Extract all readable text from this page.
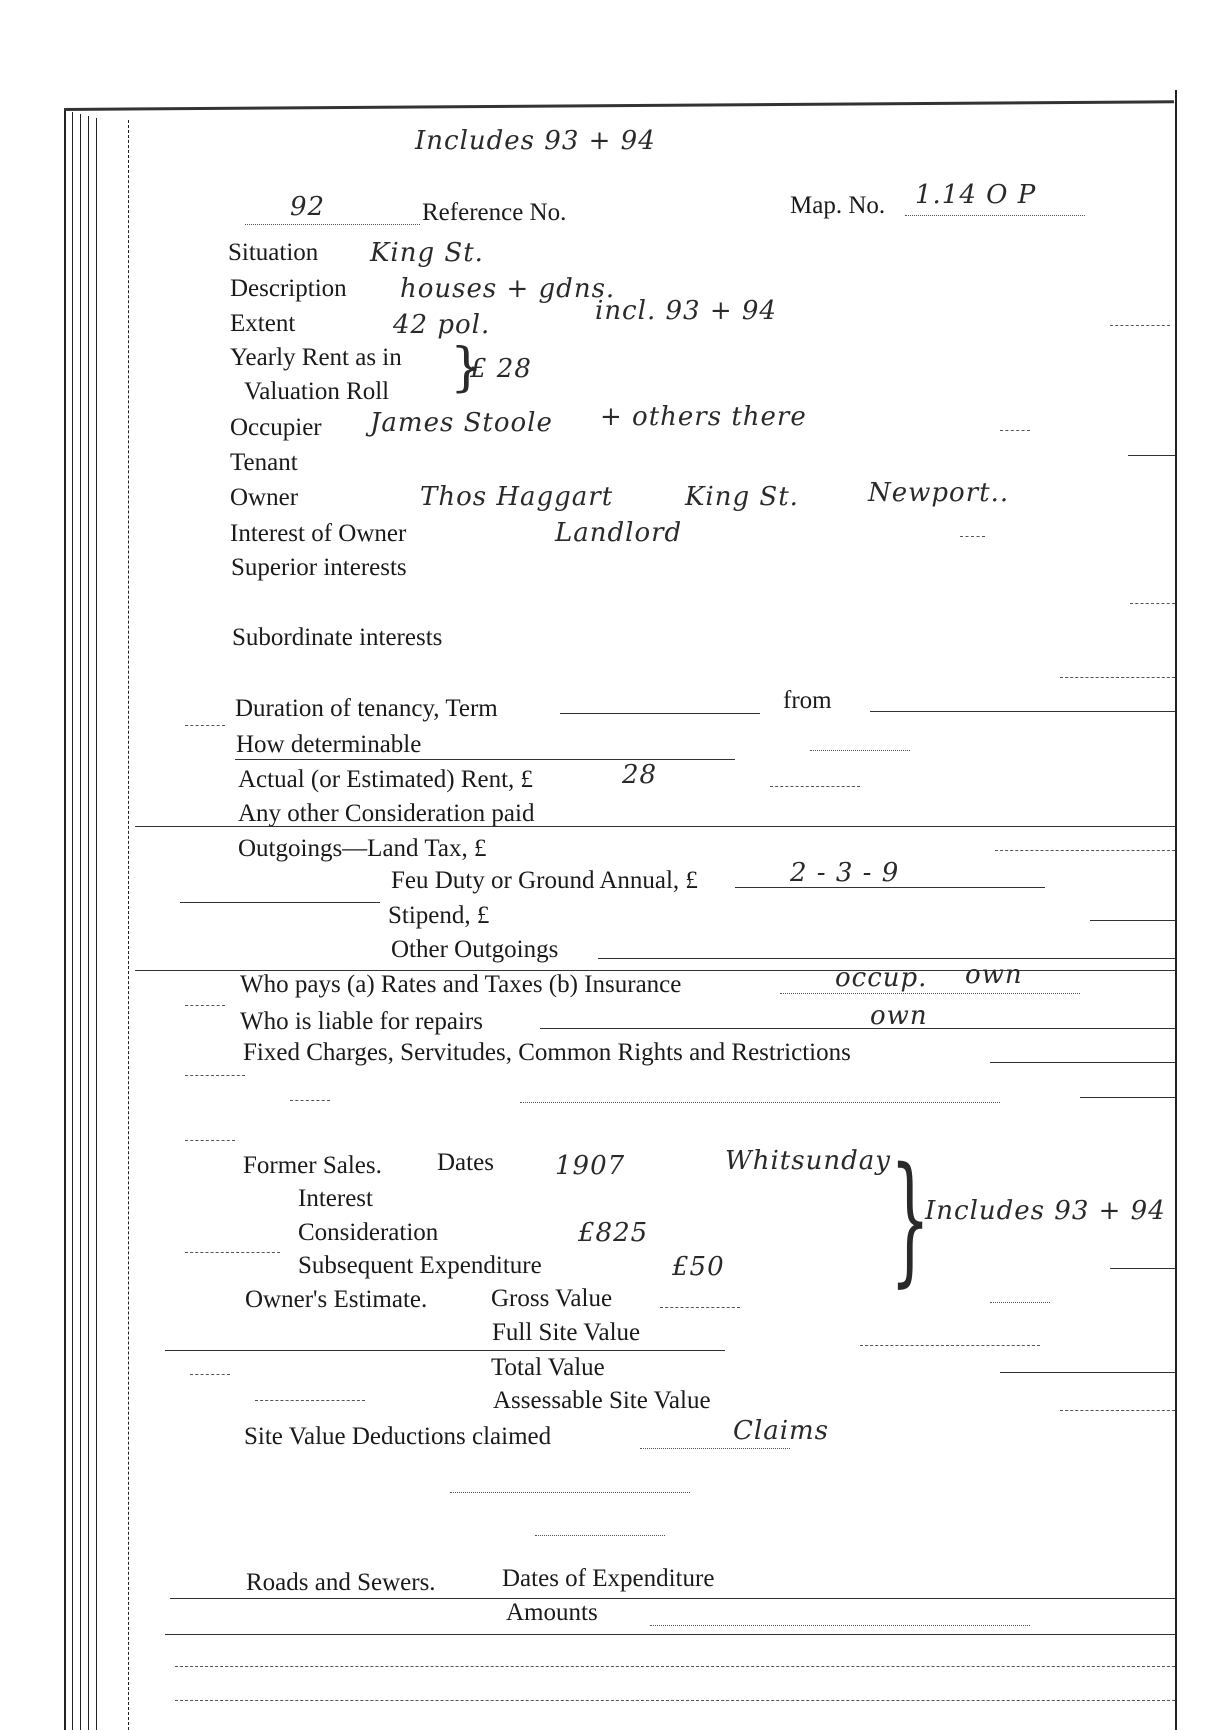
Includes 93 + 94
92	Reference No.	Map. No. 1.14 O P
Situation King St.
Description houses + gdns.
Extent	42 pol.	incl. 93 + 94
Yearly Rent as in
Valuation Roll }
£ 28
Occupier James Stoole + others there
Tenant
Owner	Thos Haggart	King St.	Newport..
Interest of Owner	Landlord
Superior interests
Subordinate interests
Duration of tenancy, Term	from
How determinable
Actual (or Estimated) Rent, £	28
Any other Consideration paid
Outgoings—Land Tax, £
Feu Duty or Ground Annual, £	2 - 3 - 9
Stipend, £
Other Outgoings
Who pays (a) Rates and Taxes (b) Insurance	occup. own
Who is liable for repairs	own
Fixed Charges, Servitudes, Common Rights and Restrictions
Former Sales. Dates 1907	Whitsunday }
Includes 93 + 94
Interest
Consideration	£825
Subsequent Expenditure	£50
Owner's Estimate.	Gross Value
Full Site Value
Total Value
Assessable Site Value
Site Value Deductions claimed	Claims
Roads and Sewers.	Dates of Expenditure
Amounts
